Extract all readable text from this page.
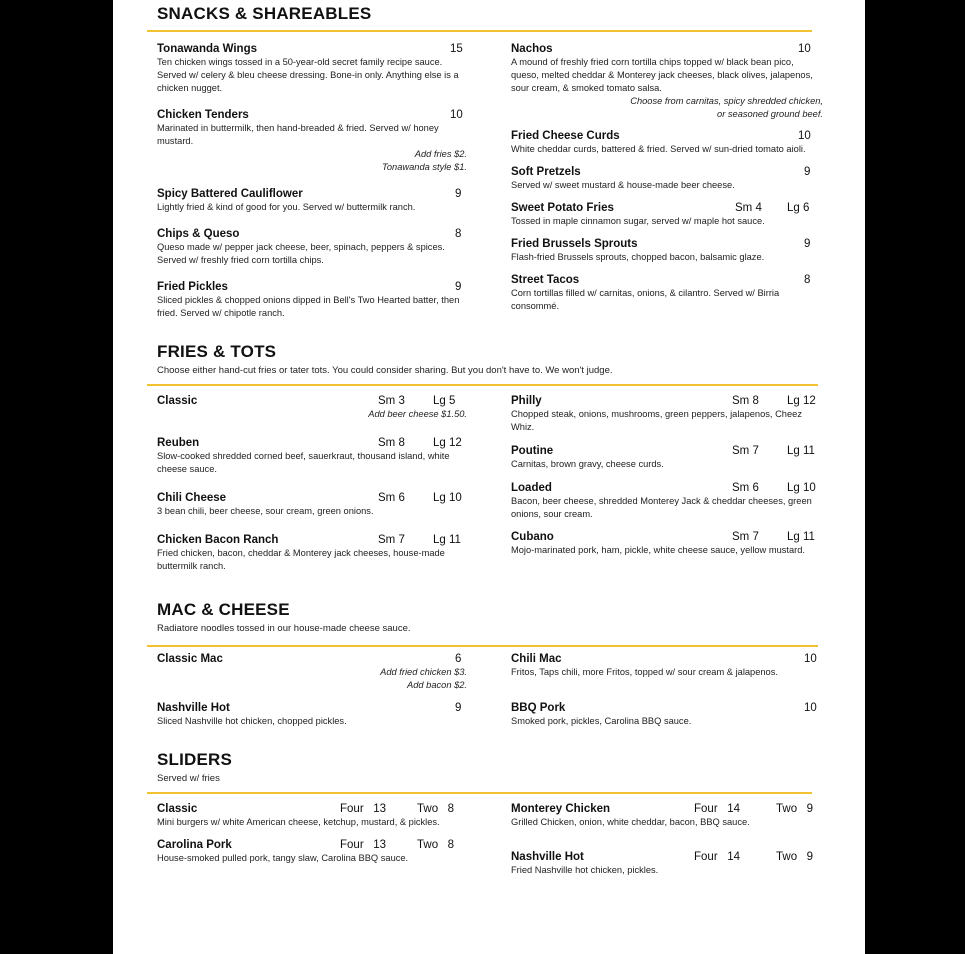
SNACKS & SHAREABLES
Tonawanda Wings	15
Ten chicken wings tossed in a 50-year-old secret family recipe sauce. Served w/ celery & bleu cheese dressing. Bone-in only. Anything else is a chicken nugget.
Chicken Tenders	10
Marinated in buttermilk, then hand-breaded & fried. Served w/ honey mustard.
Add fries $2.
Tonawanda style $1.
Spicy Battered Cauliflower	9
Lightly fried & kind of good for you. Served w/ buttermilk ranch.
Chips & Queso	8
Queso made w/ pepper jack cheese, beer, spinach, peppers & spices. Served w/ freshly fried corn tortilla chips.
Fried Pickles	9
Sliced pickles & chopped onions dipped in Bell's Two Hearted batter, then fried. Served w/ chipotle ranch.
Nachos	10
A mound of freshly fried corn tortilla chips topped w/ black bean pico, queso, melted cheddar & Monterey jack cheeses, black olives, jalapenos, sour cream, & smoked tomato salsa.
Choose from carnitas, spicy shredded chicken,
or seasoned ground beef.
Fried Cheese Curds	10
White cheddar curds, battered & fried. Served w/ sun-dried tomato aioli.
Soft Pretzels	9
Served w/ sweet mustard & house-made beer cheese.
Sweet Potato Fries	Sm 4 Lg 6
Tossed in maple cinnamon sugar, served w/ maple hot sauce.
Fried Brussels Sprouts	9
Flash-fried Brussels sprouts, chopped bacon, balsamic glaze.
Street Tacos	8
Corn tortillas filled w/ carnitas, onions, & cilantro. Served w/ Birria consommé.
FRIES & TOTS
Choose either hand-cut fries or tater tots. You could consider sharing. But you don't have to. We won't judge.
Classic	Sm 3 Lg 5
Add beer cheese $1.50.
Reuben	Sm 8 Lg 12
Slow-cooked shredded corned beef, sauerkraut, thousand island, white cheese sauce.
Chili Cheese	Sm 6 Lg 10
3 bean chili, beer cheese, sour cream, green onions.
Chicken Bacon Ranch	Sm 7 Lg 11
Fried chicken, bacon, cheddar & Monterey jack cheeses, house-made buttermilk ranch.
Philly	Sm 8 Lg 12
Chopped steak, onions, mushrooms, green peppers, jalapenos, Cheez Whiz.
Poutine	Sm 7 Lg 11
Carnitas, brown gravy, cheese curds.
Loaded	Sm 6 Lg 10
Bacon, beer cheese, shredded Monterey Jack & cheddar cheeses, green onions, sour cream.
Cubano	Sm 7 Lg 11
Mojo-marinated pork, ham, pickle, white cheese sauce, yellow mustard.
MAC & CHEESE
Radiatore noodles tossed in our house-made cheese sauce.
Classic Mac	6
Add fried chicken $3.
Add bacon $2.
Nashville Hot	9
Sliced Nashville hot chicken, chopped pickles.
Chili Mac	10
Fritos, Taps chili, more Fritos, topped w/ sour cream & jalapenos.
BBQ Pork	10
Smoked pork, pickles, Carolina BBQ sauce.
SLIDERS
Served w/ fries
Classic	Four   13	Two   8
Mini burgers w/ white American cheese, ketchup, mustard, & pickles.
Carolina Pork	Four   13	Two   8
House-smoked pulled pork, tangy slaw, Carolina BBQ sauce.
Monterey Chicken	Four   14	Two   9
Grilled Chicken, onion, white cheddar, bacon, BBQ sauce.
Nashville Hot	Four   14	Two   9
Fried Nashville hot chicken, pickles.
